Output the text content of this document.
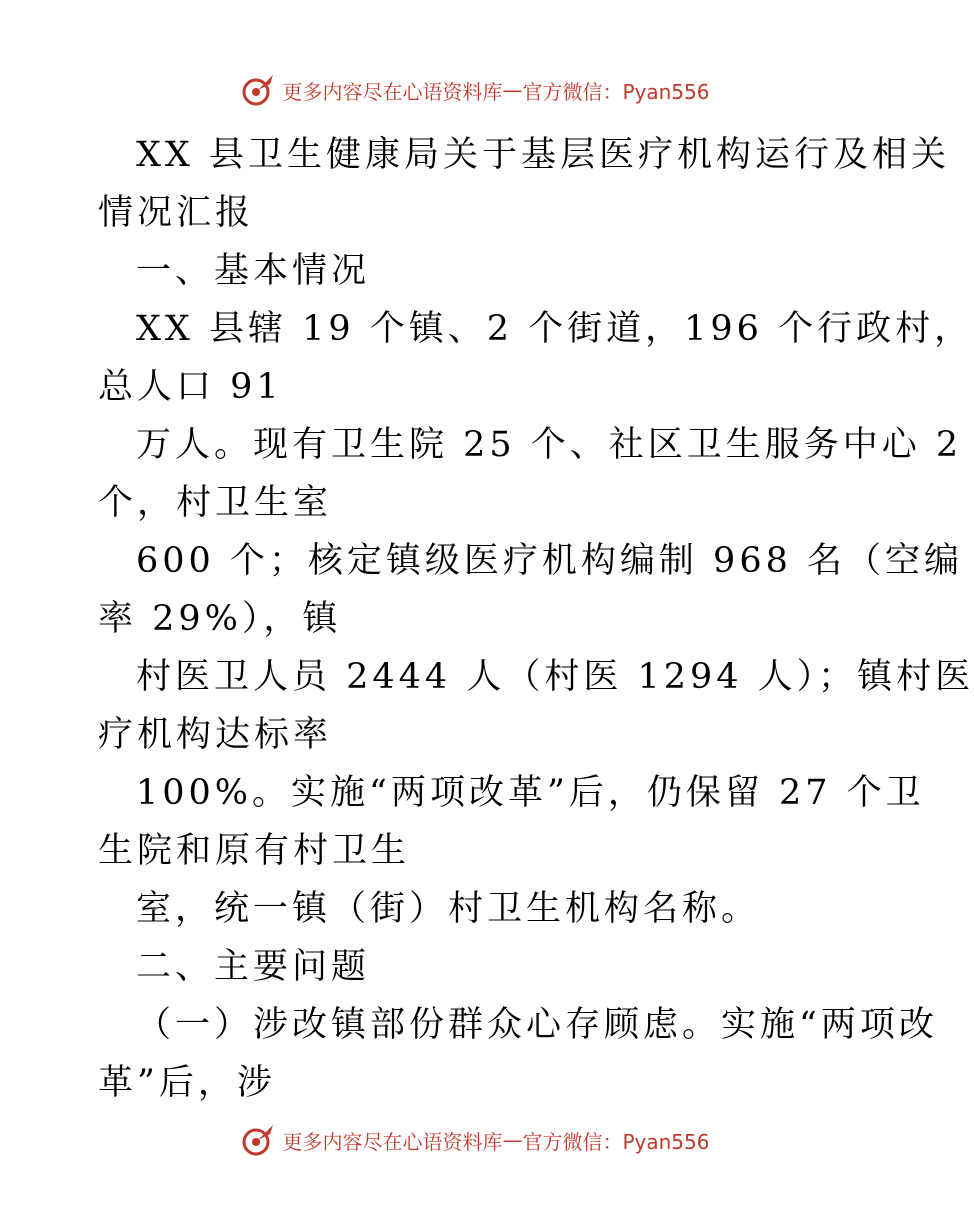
更多内容尽在心语资料库 — 官方微信：Pyan556
XX 县卫生健康局关于基层医疗机构运行及相关
情况汇报
一、基本情况
XX 县辖 19 个镇、2 个街道，196 个行政村，
总人口 91
万人。现有卫生院 25 个、社区卫生服务中心 2
个，村卫生室
600 个；核定镇级医疗机构编制 968 名（空编
率 29%），镇
村医卫人员 2444 人（村医 1294 人）；镇村医
疗机构达标率
100%。实施“两项改革”后，仍保留 27 个卫
生院和原有村卫生
室，统一镇（街）村卫生机构名称。
二、主要问题
（一）涉改镇部份群众心存顾虑。实施“两项改
革”后，涉
更多内容尽在心语资料库 — 官方微信：Pyan556
